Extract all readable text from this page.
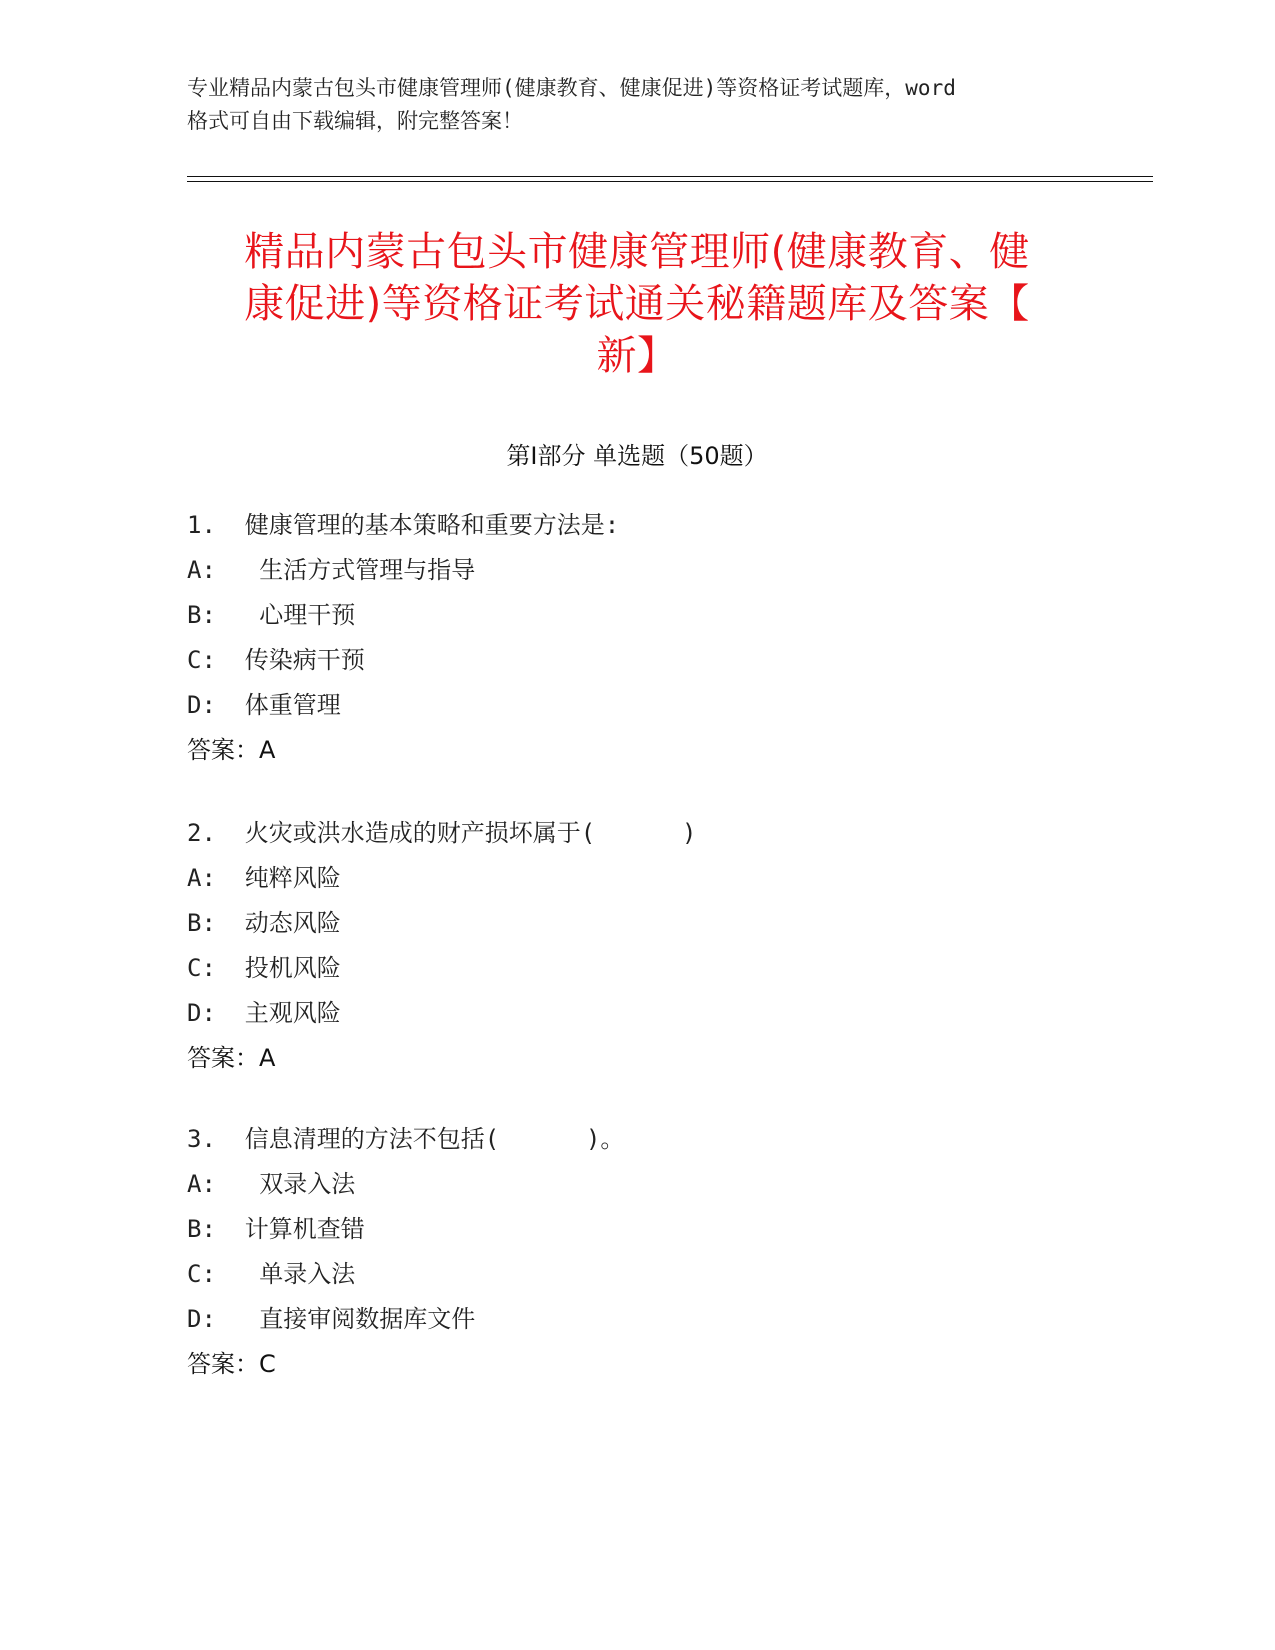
专业精品内蒙古包头市健康管理师(健康教育、健康促进)等资格证考试题库，word
格式可自由下载编辑，附完整答案！
精品内蒙古包头市健康管理师(健康教育、健
康促进)等资格证考试通关秘籍题库及答案【
新】
第Ⅰ部分 单选题（50题）
1.  健康管理的基本策略和重要方法是:
A:   生活方式管理与指导
B:   心理干预
C:  传染病干预
D:  体重管理
答案：A
2.  火灾或洪水造成的财产损坏属于(      )
A:  纯粹风险
B:  动态风险
C:  投机风险
D:  主观风险
答案：A
3.  信息清理的方法不包括(      )。
A:   双录入法
B:  计算机查错
C:   单录入法
D:   直接审阅数据库文件
答案：C
